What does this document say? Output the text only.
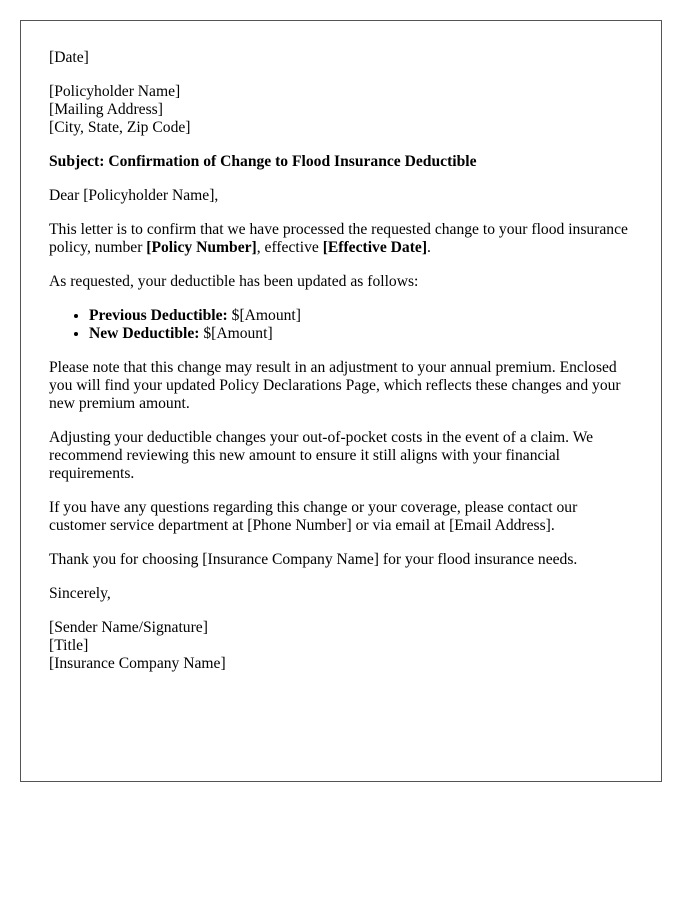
[Date]

[Policyholder Name]
[Mailing Address]
[City, State, Zip Code]

Subject: Confirmation of Change to Flood Insurance Deductible

Dear [Policyholder Name],

This letter is to confirm that we have processed the requested change to your flood insurance policy, number [Policy Number], effective [Effective Date].

As requested, your deductible has been updated as follows:

• Previous Deductible: $[Amount]
• New Deductible: $[Amount]

Please note that this change may result in an adjustment to your annual premium. Enclosed you will find your updated Policy Declarations Page, which reflects these changes and your new premium amount.

Adjusting your deductible changes your out-of-pocket costs in the event of a claim. We recommend reviewing this new amount to ensure it still aligns with your financial requirements.

If you have any questions regarding this change or your coverage, please contact our customer service department at [Phone Number] or via email at [Email Address].

Thank you for choosing [Insurance Company Name] for your flood insurance needs.

Sincerely,

[Sender Name/Signature]
[Title]
[Insurance Company Name]
